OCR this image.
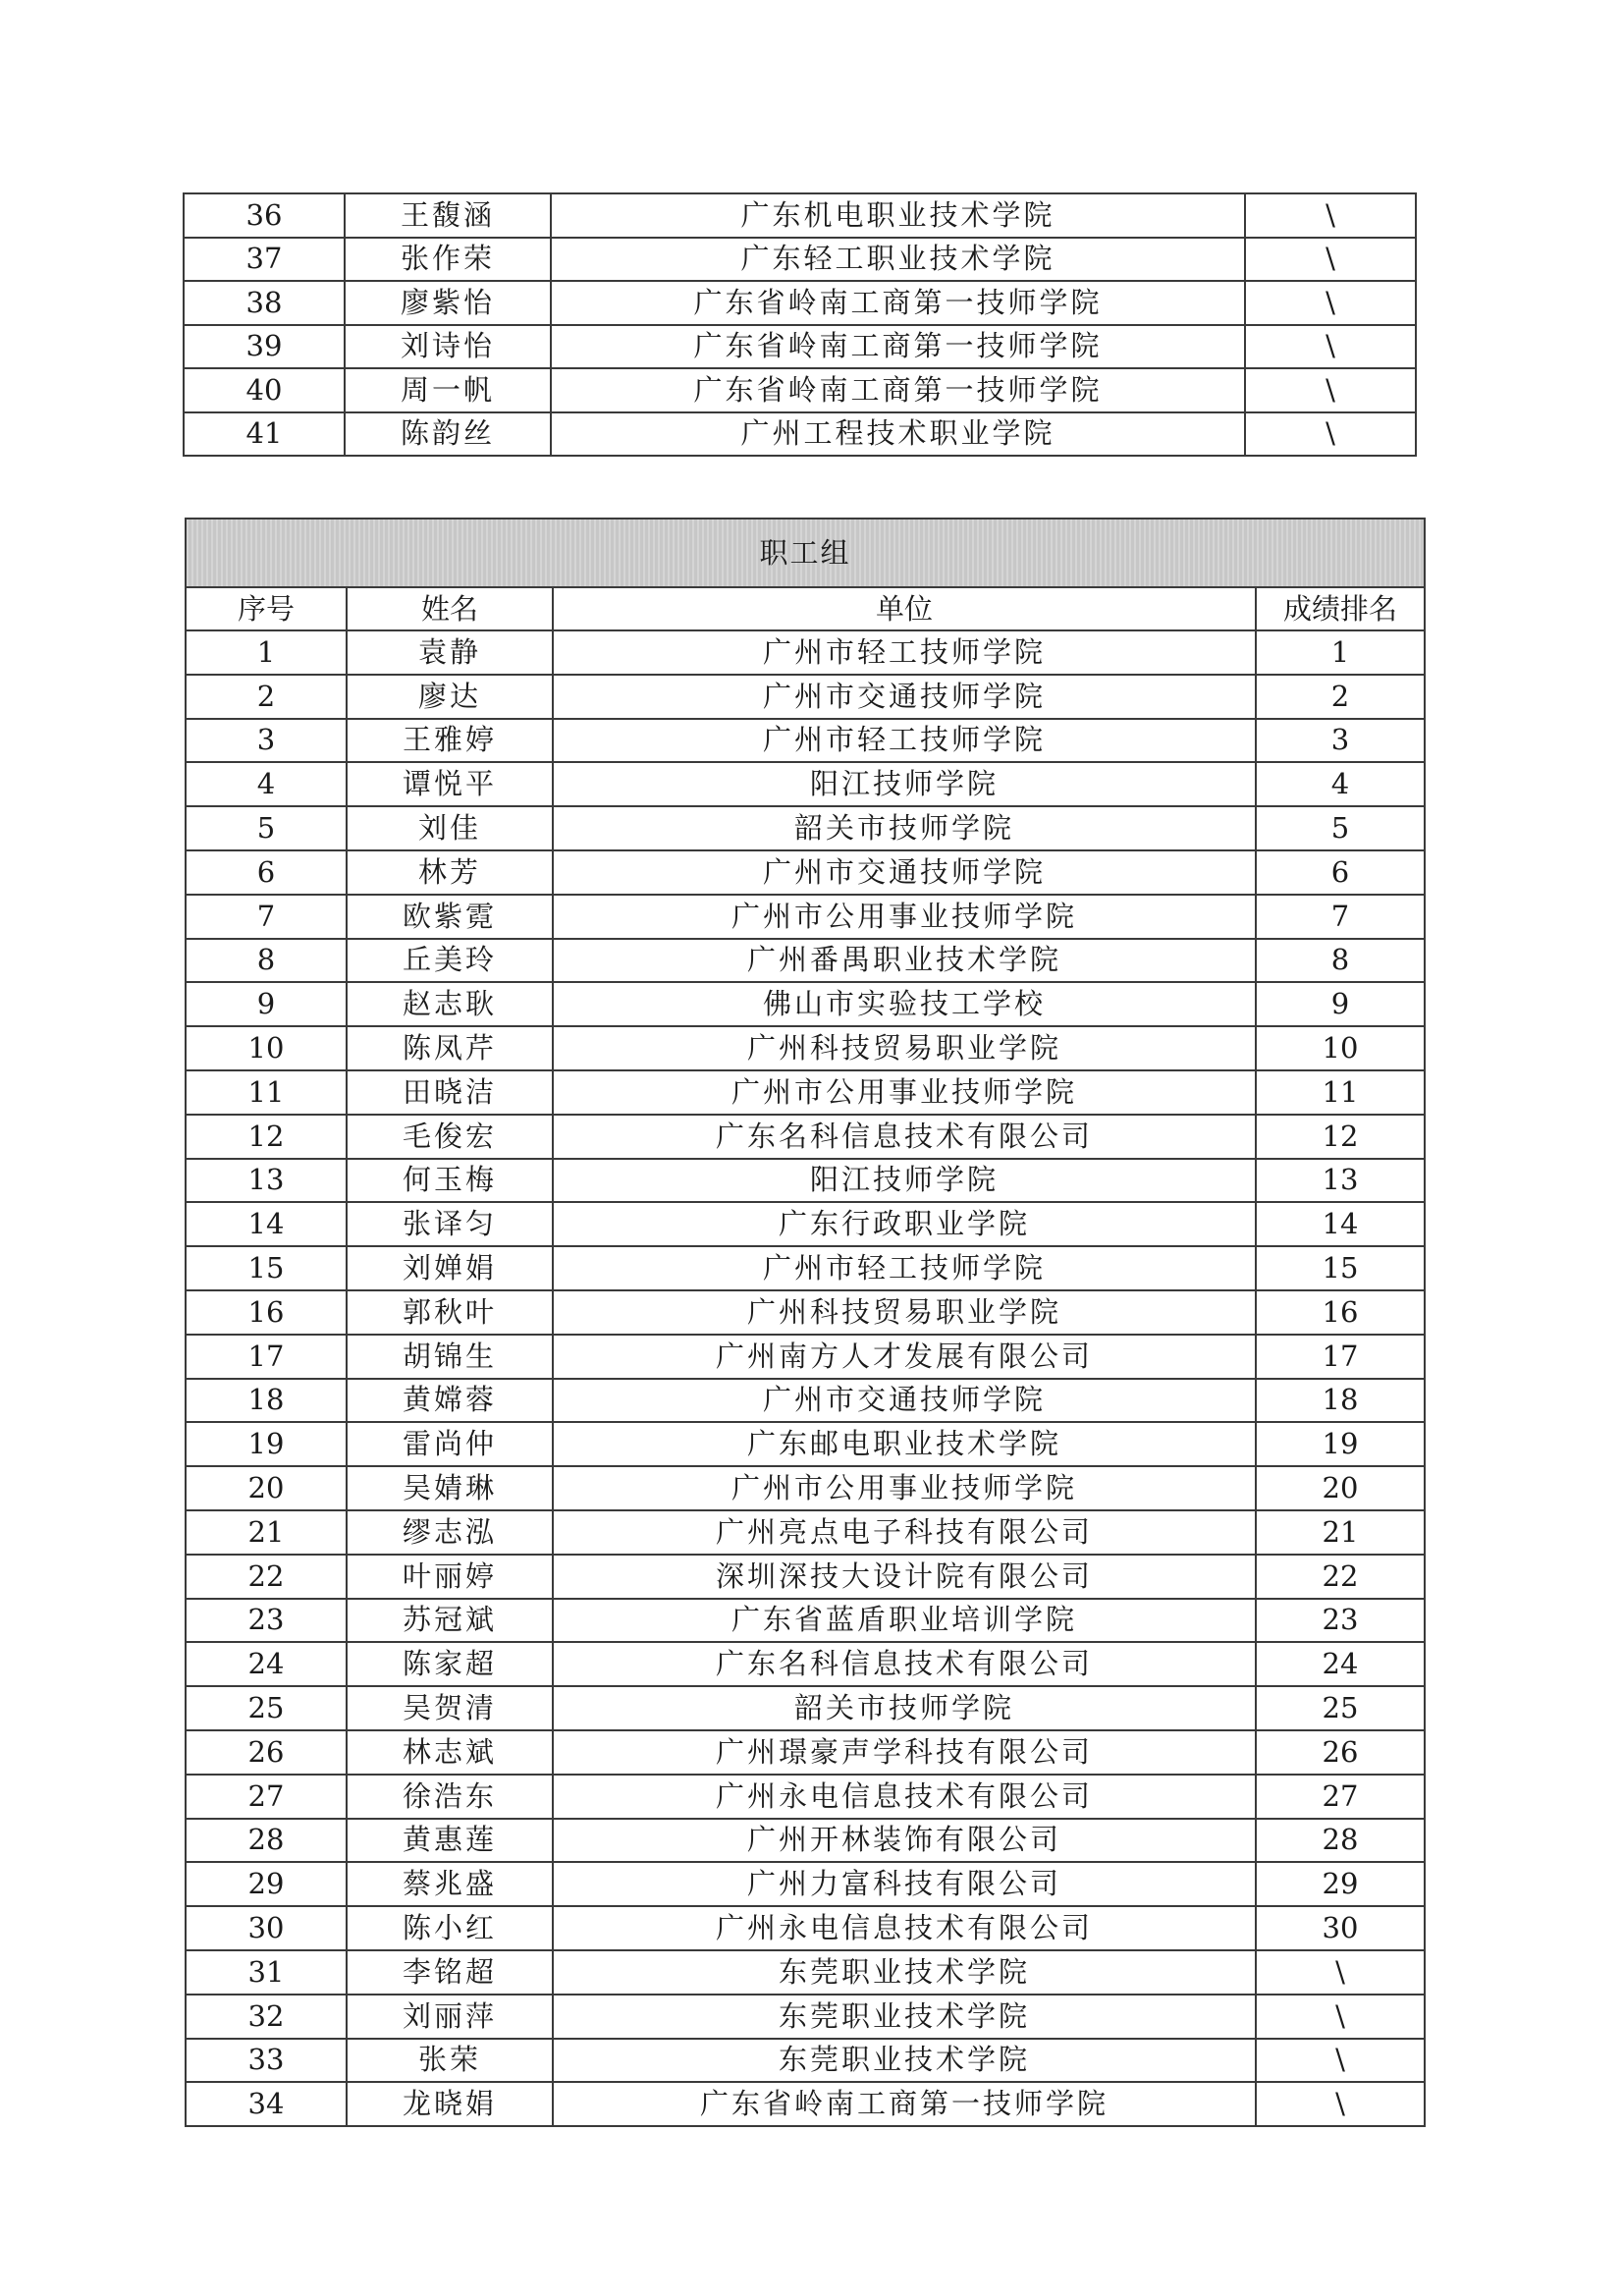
36	王馥涵	广东机电职业技术学院	\
37	张作荣	广东轻工职业技术学院	\
38	廖紫怡	广东省岭南工商第一技师学院	\
39	刘诗怡	广东省岭南工商第一技师学院	\
40	周一帆	广东省岭南工商第一技师学院	\
41	陈韵丝	广州工程技术职业学院	\
职工组			
序号	姓名	单位	成绩排名
1	袁静	广州市轻工技师学院	1
2	廖达	广州市交通技师学院	2
3	王雅婷	广州市轻工技师学院	3
4	谭悦平	阳江技师学院	4
5	刘佳	韶关市技师学院	5
6	林芳	广州市交通技师学院	6
7	欧紫霓	广州市公用事业技师学院	7
8	丘美玲	广州番禺职业技术学院	8
9	赵志耿	佛山市实验技工学校	9
10	陈凤芹	广州科技贸易职业学院	10
11	田晓洁	广州市公用事业技师学院	11
12	毛俊宏	广东名科信息技术有限公司	12
13	何玉梅	阳江技师学院	13
14	张译匀	广东行政职业学院	14
15	刘婵娟	广州市轻工技师学院	15
16	郭秋叶	广州科技贸易职业学院	16
17	胡锦生	广州南方人才发展有限公司	17
18	黄嫦蓉	广州市交通技师学院	18
19	雷尚仲	广东邮电职业技术学院	19
20	吴婧琳	广州市公用事业技师学院	20
21	缪志泓	广州亮点电子科技有限公司	21
22	叶丽婷	深圳深技大设计院有限公司	22
23	苏冠斌	广东省蓝盾职业培训学院	23
24	陈家超	广东名科信息技术有限公司	24
25	吴贺清	韶关市技师学院	25
26	林志斌	广州璟豪声学科技有限公司	26
27	徐浩东	广州永电信息技术有限公司	27
28	黄惠莲	广州开林装饰有限公司	28
29	蔡兆盛	广州力富科技有限公司	29
30	陈小红	广州永电信息技术有限公司	30
31	李铭超	东莞职业技术学院	\
32	刘丽萍	东莞职业技术学院	\
33	张荣	东莞职业技术学院	\
34	龙晓娟	广东省岭南工商第一技师学院	\
